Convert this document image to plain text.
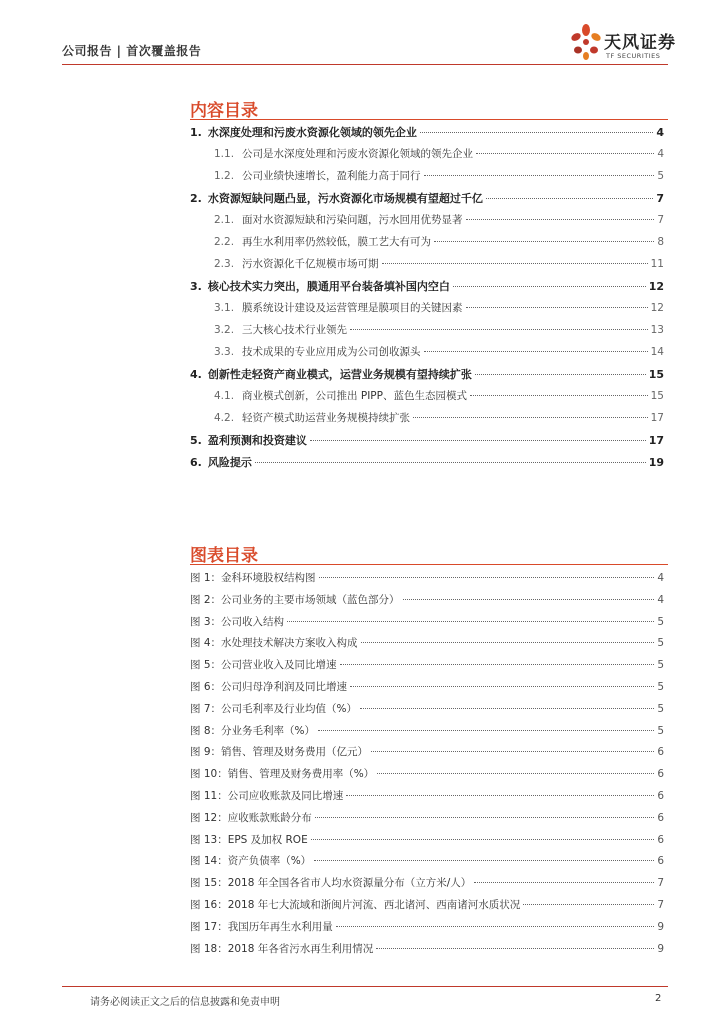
公司报告 | 首次覆盖报告	天风证券
TF SECURITIES
内容目录
1. 水深度处理和污废水资源化领域的领先企业	4
1.1. 公司是水深度处理和污废水资源化领域的领先企业	4
1.2. 公司业绩快速增长，盈利能力高于同行	5
2. 水资源短缺问题凸显，污水资源化市场规模有望超过千亿	7
2.1. 面对水资源短缺和污染问题，污水回用优势显著	7
2.2. 再生水利用率仍然较低，膜工艺大有可为	8
2.3. 污水资源化千亿规模市场可期	11
3. 核心技术实力突出，膜通用平台装备填补国内空白	12
3.1. 膜系统设计建设及运营管理是膜项目的关键因素	12
3.2. 三大核心技术行业领先	13
3.3. 技术成果的专业应用成为公司创收源头	14
4. 创新性走轻资产商业模式，运营业务规模有望持续扩张	15
4.1. 商业模式创新，公司推出 PIPP、蓝色生态园模式	15
4.2. 轻资产模式助运营业务规模持续扩张	17
5. 盈利预测和投资建议	17
6. 风险提示	19
图表目录
图 1：金科环境股权结构图	4
图 2：公司业务的主要市场领域（蓝色部分）	4
图 3：公司收入结构	5
图 4：水处理技术解决方案收入构成	5
图 5：公司营业收入及同比增速	5
图 6：公司归母净利润及同比增速	5
图 7：公司毛利率及行业均值（%）	5
图 8：分业务毛利率（%）	5
图 9：销售、管理及财务费用（亿元）	6
图 10：销售、管理及财务费用率（%）	6
图 11：公司应收账款及同比增速	6
图 12：应收账款账龄分布	6
图 13：EPS 及加权 ROE	6
图 14：资产负债率（%）	6
图 15：2018 年全国各省市人均水资源量分布（立方米/人）	7
图 16：2018 年七大流域和浙闽片河流、西北诸河、西南诸河水质状况	7
图 17：我国历年再生水利用量	9
图 18：2018 年各省污水再生利用情况	9
请务必阅读正文之后的信息披露和免责申明	2
